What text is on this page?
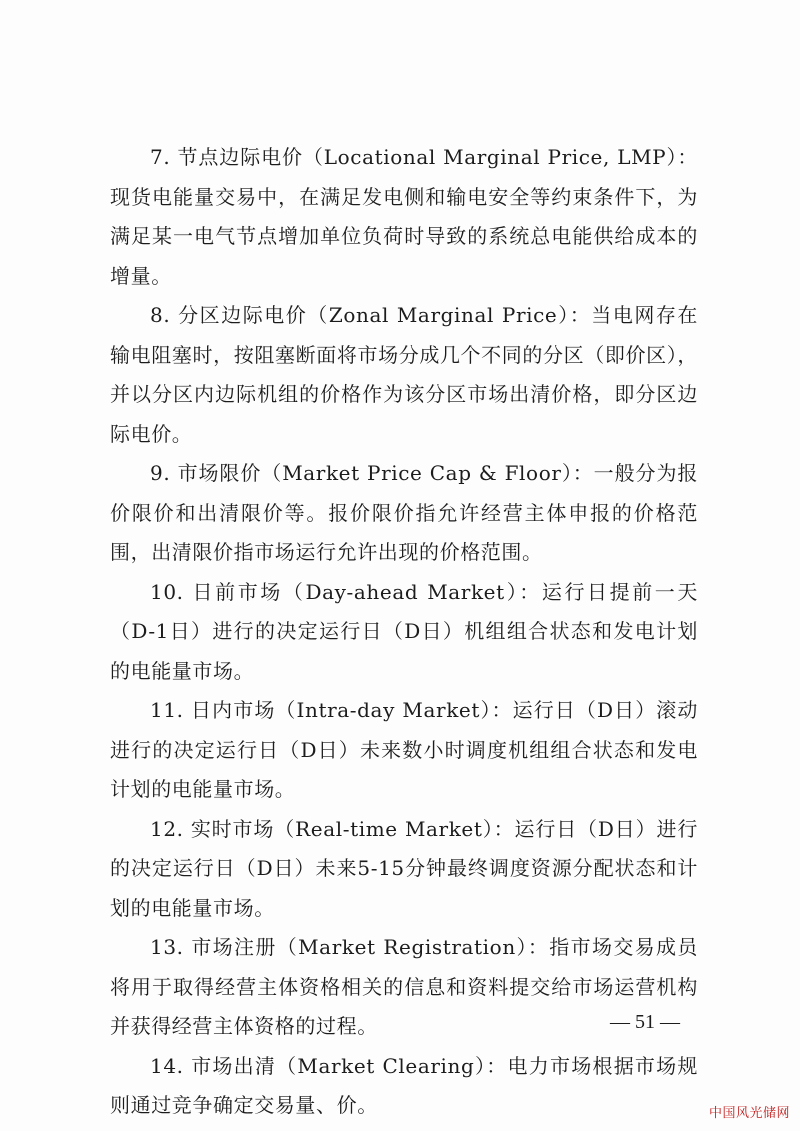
7. 节点边际电价（Locational Marginal Price, LMP）：现货电能量交易中，在满足发电侧和输电安全等约束条件下，为满足某一电气节点增加单位负荷时导致的系统总电能供给成本的增量。

8. 分区边际电价（Zonal Marginal Price）：当电网存在输电阻塞时，按阻塞断面将市场分成几个不同的分区（即价区），并以分区内边际机组的价格作为该分区市场出清价格，即分区边际电价。

9. 市场限价（Market Price Cap & Floor）：一般分为报价限价和出清限价等。报价限价指允许经营主体申报的价格范围，出清限价指市场运行允许出现的价格范围。

10. 日前市场（Day-ahead Market）：运行日提前一天（D-1日）进行的决定运行日（D日）机组组合状态和发电计划的电能量市场。

11. 日内市场（Intra-day Market）：运行日（D日）滚动进行的决定运行日（D日）未来数小时调度机组组合状态和发电计划的电能量市场。

12. 实时市场（Real-time Market）：运行日（D日）进行的决定运行日（D日）未来5-15分钟最终调度资源分配状态和计划的电能量市场。

13. 市场注册（Market Registration）：指市场交易成员将用于取得经营主体资格相关的信息和资料提交给市场运营机构并获得经营主体资格的过程。

14. 市场出清（Market Clearing）：电力市场根据市场规则通过竞争确定交易量、价。

— 51 —
中国风光储网
